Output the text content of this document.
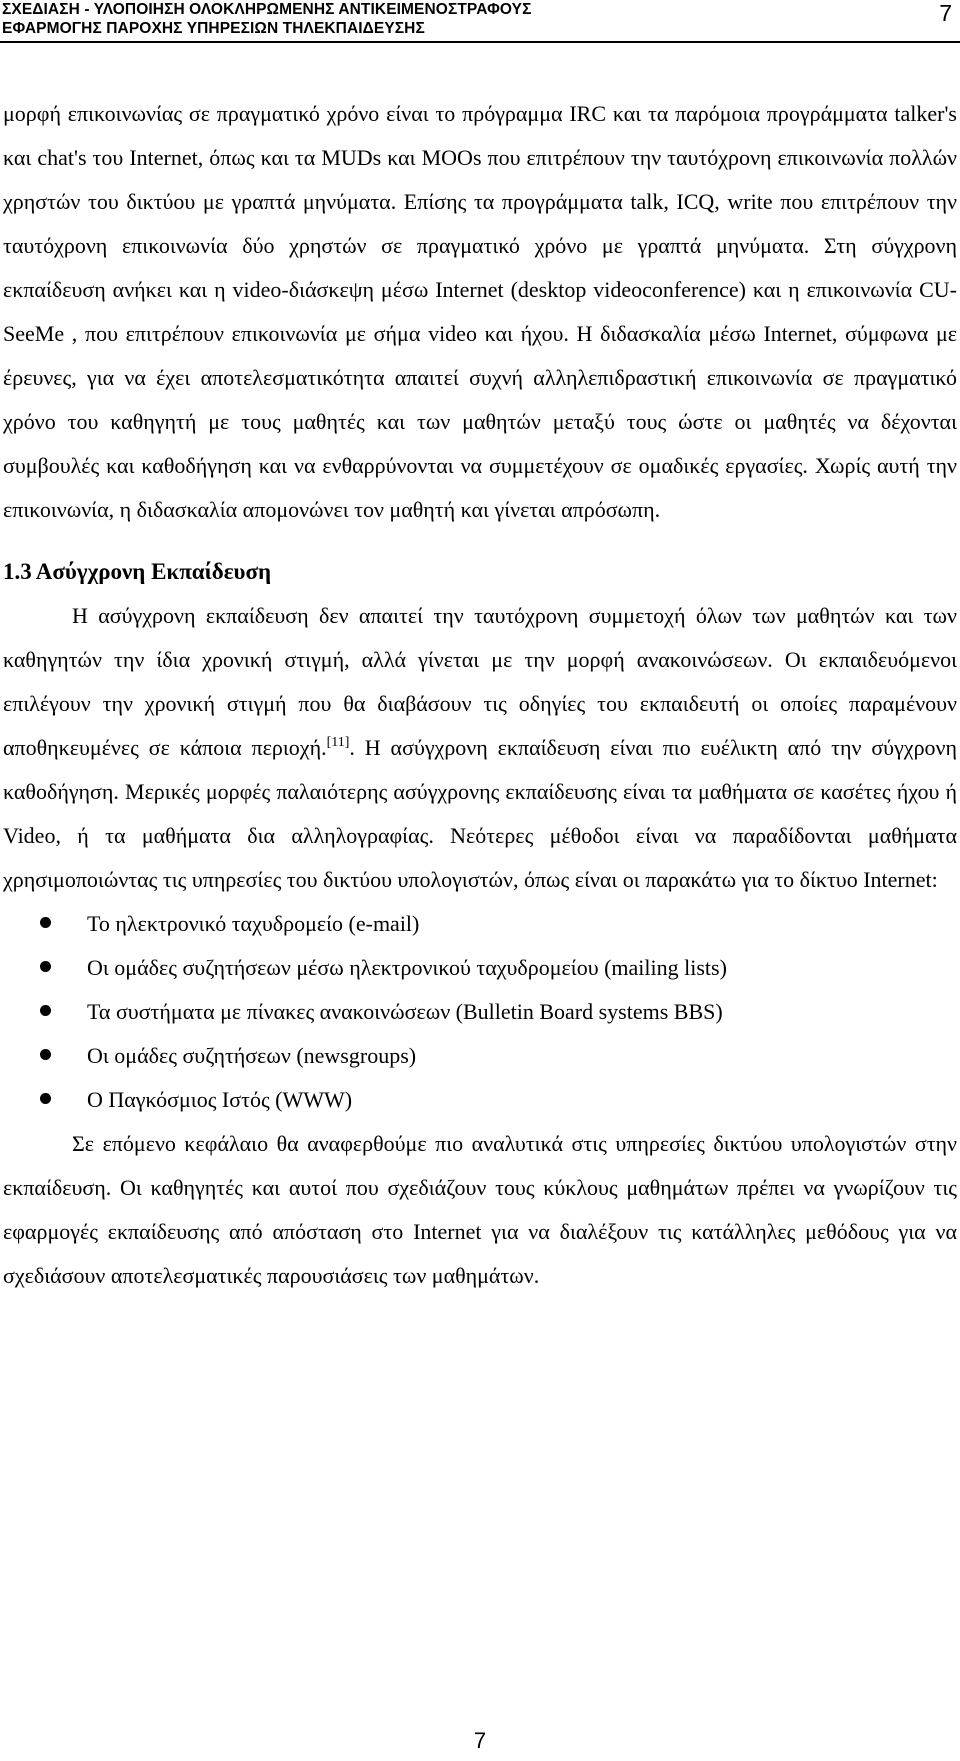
ΣΧΕΔΙΑΣΗ - ΥΛΟΠΟΙΗΣΗ ΟΛΟΚΛΗΡΩΜΕΝΗΣ ΑΝΤΙΚΕΙΜΕΝΟΣΤΡΑΦΟΥΣ
ΕΦΑΡΜΟΓΗΣ ΠΑΡΟΧΗΣ ΥΠΗΡΕΣΙΩΝ ΤΗΛΕΚΠΑΙΔΕΥΣΗΣ
7

μορφή επικοινωνίας σε πραγματικό χρόνο είναι το πρόγραμμα IRC και τα παρόμοια προγράμματα talker's και chat's του Internet, όπως και τα MUDs και MOOs που επιτρέπουν την ταυτόχρονη επικοινωνία πολλών χρηστών του δικτύου με γραπτά μηνύματα. Επίσης τα προγράμματα talk, ICQ, write που επιτρέπουν την ταυτόχρονη επικοινωνία δύο χρηστών σε πραγματικό χρόνο με γραπτά μηνύματα. Στη σύγχρονη εκπαίδευση ανήκει και η video-διάσκεψη μέσω Internet (desktop videoconference) και η επικοινωνία CU-SeeMe , που επιτρέπουν επικοινωνία με σήμα video και ήχου. Η διδασκαλία μέσω Internet, σύμφωνα με έρευνες, για να έχει αποτελεσματικότητα απαιτεί συχνή αλληλεπιδραστική επικοινωνία σε πραγματικό χρόνο του καθηγητή με τους μαθητές και των μαθητών μεταξύ τους ώστε οι μαθητές να δέχονται συμβουλές και καθοδήγηση και να ενθαρρύνονται να συμμετέχουν σε ομαδικές εργασίες. Χωρίς αυτή την επικοινωνία, η διδασκαλία απομονώνει τον μαθητή και γίνεται απρόσωπη.

1.3 Ασύγχρονη Εκπαίδευση

Η ασύγχρονη εκπαίδευση δεν απαιτεί την ταυτόχρονη συμμετοχή όλων των μαθητών και των καθηγητών την ίδια χρονική στιγμή, αλλά γίνεται με την μορφή ανακοινώσεων. Οι εκπαιδευόμενοι επιλέγουν την χρονική στιγμή που θα διαβάσουν τις οδηγίες του εκπαιδευτή οι οποίες παραμένουν αποθηκευμένες σε κάποια περιοχή.[11]. Η ασύγχρονη εκπαίδευση είναι πιο ευέλικτη από την σύγχρονη καθοδήγηση. Μερικές μορφές παλαιότερης ασύγχρονης εκπαίδευσης είναι τα μαθήματα σε κασέτες ήχου ή Video, ή τα μαθήματα δια αλληλογραφίας. Νεότερες μέθοδοι είναι να παραδίδονται μαθήματα χρησιμοποιώντας τις υπηρεσίες του δικτύου υπολογιστών, όπως είναι οι παρακάτω για το δίκτυο Internet:

Το ηλεκτρονικό ταχυδρομείο (e-mail)
Οι ομάδες συζητήσεων μέσω ηλεκτρονικού ταχυδρομείου (mailing lists)
Τα συστήματα με πίνακες ανακοινώσεων (Bulletin Board systems BBS)
Οι ομάδες συζητήσεων (newsgroups)
Ο Παγκόσμιος Ιστός (WWW)

Σε επόμενο κεφάλαιο θα αναφερθούμε πιο αναλυτικά στις υπηρεσίες δικτύου υπολογιστών στην εκπαίδευση. Οι καθηγητές και αυτοί που σχεδιάζουν τους κύκλους μαθημάτων πρέπει να γνωρίζουν τις εφαρμογές εκπαίδευσης από απόσταση στο Internet για να διαλέξουν τις κατάλληλες μεθόδους για να σχεδιάσουν αποτελεσματικές παρουσιάσεις των μαθημάτων.

7
